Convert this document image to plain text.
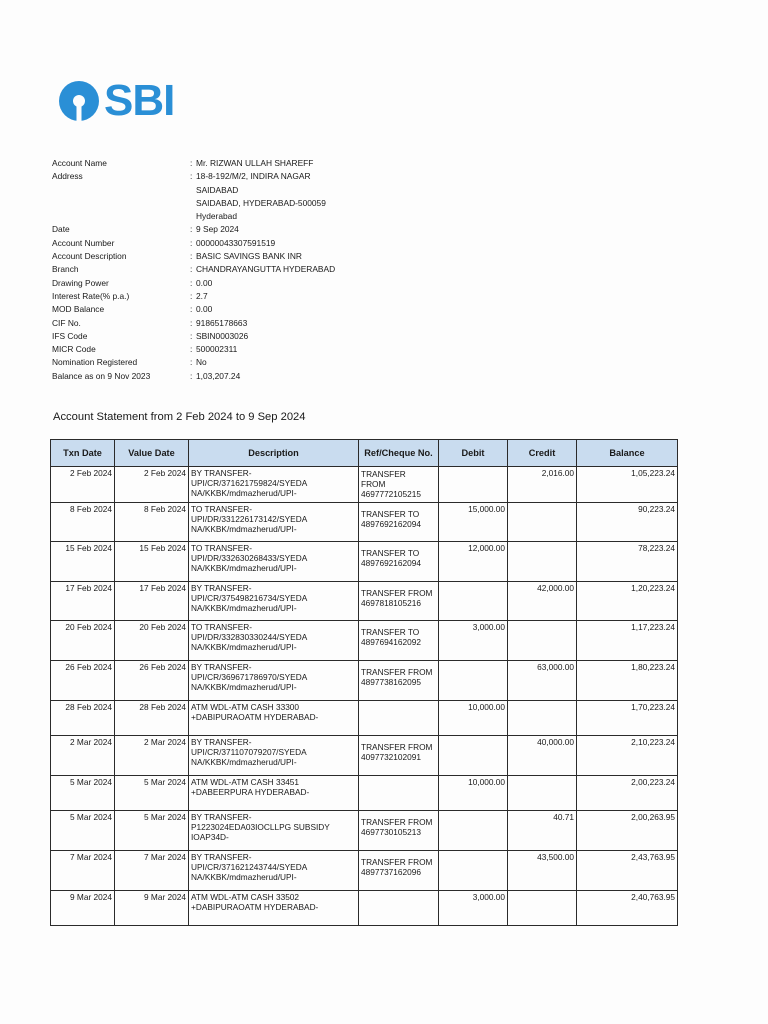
SBI
Account Name	: Mr. RIZWAN ULLAH SHAREFF
Address	: 18-8-192/M/2, INDIRA NAGAR
SAIDABAD
SAIDABAD, HYDERABAD-500059
Hyderabad
Date	: 9 Sep 2024
Account Number	: 00000043307591519
Account Description	: BASIC SAVINGS BANK INR
Branch	: CHANDRAYANGUTTA HYDERABAD
Drawing Power	: 0.00
Interest Rate(% p.a.)	: 2.7
MOD Balance	: 0.00
CIF No.	: 91865178663
IFS Code	: SBIN0003026
MICR Code	: 500002311
Nomination Registered	: No
Balance as on 9 Nov 2023	: 1,03,207.24
Account Statement from 2 Feb 2024 to 9 Sep 2024
Txn Date	Value Date	Description	Ref/Cheque No.	Debit	Credit	Balance
2 Feb 2024	2 Feb 2024	BY TRANSFER-
UPI/CR/371621759824/SYEDA
NA/KKBK/mdmazherud/UPI-	TRANSFER
FROM
4697772105215		2,016.00	1,05,223.24
8 Feb 2024	8 Feb 2024	TO TRANSFER-
UPI/DR/331226173142/SYEDA
NA/KKBK/mdmazherud/UPI-	TRANSFER TO
4897692162094	15,000.00		90,223.24
15 Feb 2024	15 Feb 2024	TO TRANSFER-
UPI/DR/332630268433/SYEDA
NA/KKBK/mdmazherud/UPI-	TRANSFER TO
4897692162094	12,000.00		78,223.24
17 Feb 2024	17 Feb 2024	BY TRANSFER-
UPI/CR/375498216734/SYEDA
NA/KKBK/mdmazherud/UPI-	TRANSFER FROM
4697818105216		42,000.00	1,20,223.24
20 Feb 2024	20 Feb 2024	TO TRANSFER-
UPI/DR/332830330244/SYEDA
NA/KKBK/mdmazherud/UPI-	TRANSFER TO
4897694162092	3,000.00		1,17,223.24
26 Feb 2024	26 Feb 2024	BY TRANSFER-
UPI/CR/369671786970/SYEDA
NA/KKBK/mdmazherud/UPI-	TRANSFER FROM
4897738162095		63,000.00	1,80,223.24
28 Feb 2024	28 Feb 2024	ATM WDL-ATM CASH 33300
+DABIPURAOATM HYDERABAD-		10,000.00		1,70,223.24
2 Mar 2024	2 Mar 2024	BY TRANSFER-
UPI/CR/371107079207/SYEDA
NA/KKBK/mdmazherud/UPI-	TRANSFER FROM
4097732102091		40,000.00	2,10,223.24
5 Mar 2024	5 Mar 2024	ATM WDL-ATM CASH 33451
+DABEERPURA HYDERABAD-		10,000.00		2,00,223.24
5 Mar 2024	5 Mar 2024	BY TRANSFER-
P1223024EDA03IOCLLPG SUBSIDY
IOAP34D-	TRANSFER FROM
4697730105213		40.71	2,00,263.95
7 Mar 2024	7 Mar 2024	BY TRANSFER-
UPI/CR/371621243744/SYEDA
NA/KKBK/mdmazherud/UPI-	TRANSFER FROM
4897737162096		43,500.00	2,43,763.95
9 Mar 2024	9 Mar 2024	ATM WDL-ATM CASH 33502
+DABIPURAOATM HYDERABAD-		3,000.00		2,40,763.95
